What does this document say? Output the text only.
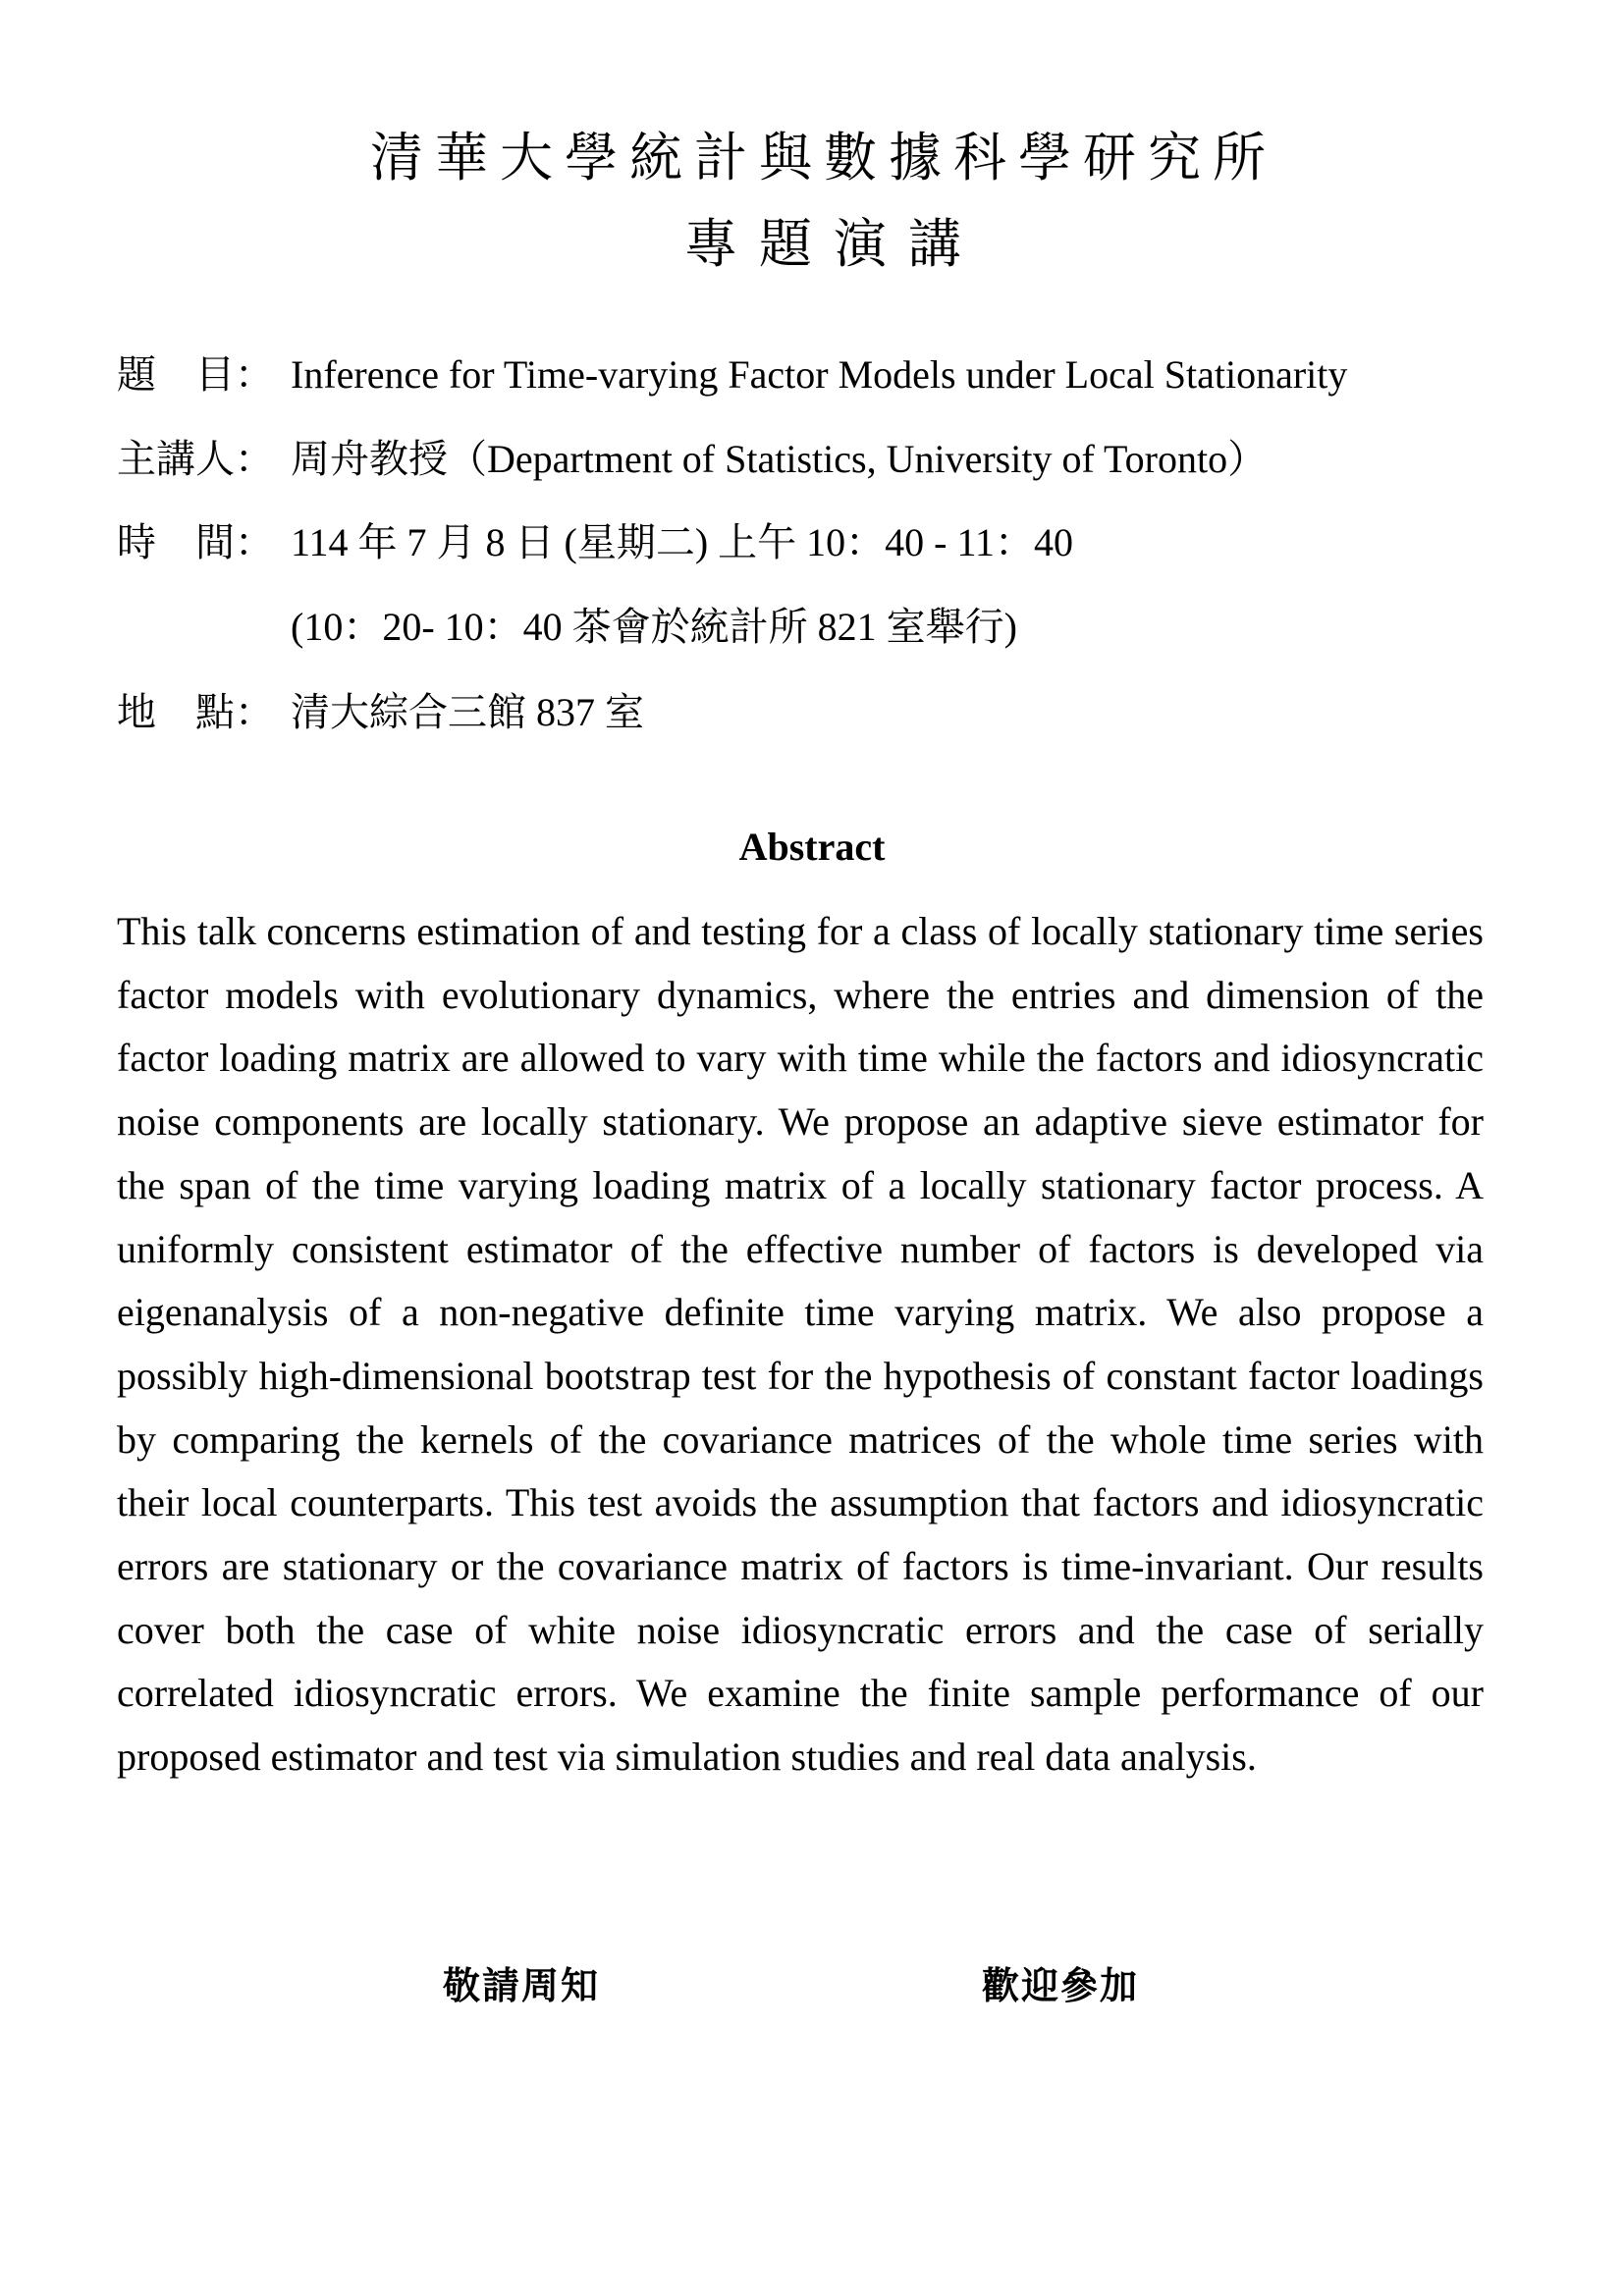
清華大學統計與數據科學研究所
專題演講
題　目： Inference for Time-varying Factor Models under Local Stationarity
主講人： 周舟教授（Department of Statistics, University of Toronto）
時　間： 114 年 7 月 8 日 (星期二) 上午 10：40 - 11：40
(10：20- 10：40 茶會於統計所 821 室舉行)
地　點： 清大綜合三館 837 室
Abstract

This talk concerns estimation of and testing for a class of locally stationary time series factor models with evolutionary dynamics, where the entries and dimension of the factor loading matrix are allowed to vary with time while the factors and idiosyncratic noise components are locally stationary. We propose an adaptive sieve estimator for the span of the time varying loading matrix of a locally stationary factor process. A uniformly consistent estimator of the effective number of factors is developed via eigenanalysis of a non-negative definite time varying matrix. We also propose a possibly high-dimensional bootstrap test for the hypothesis of constant factor loadings by comparing the kernels of the covariance matrices of the whole time series with their local counterparts. This test avoids the assumption that factors and idiosyncratic errors are stationary or the covariance matrix of factors is time-invariant. Our results cover both the case of white noise idiosyncratic errors and the case of serially correlated idiosyncratic errors. We examine the finite sample performance of our proposed estimator and test via simulation studies and real data analysis.

敬請周知	歡迎參加
